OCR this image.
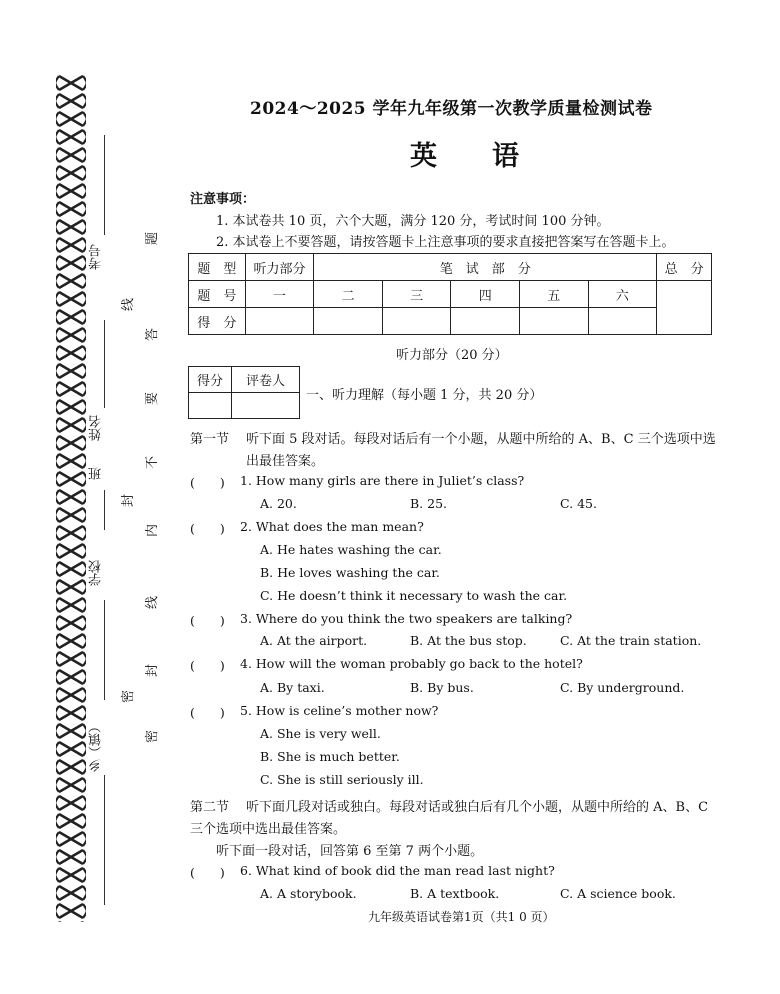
考号
姓名
班
学校
乡（镇）
线
封
密
题
答
要
不
内
线
封
密
2024～2025 学年九年级第一次教学质量检测试卷
英　语
注意事项：
1. 本试卷共 10 页，六个大题，满分 120 分，考试时间 100 分钟。
2. 本试卷上不要答题，请按答题卡上注意事项的要求直接把答案写在答题卡上。
题　型	听力部分	笔　试　部　分					总　分
题　号	一	二	三	四	五	六	
得　分							
听力部分（20 分）
得分	评卷人

一、听力理解（每小题 1 分，共 20 分）
第一节 听下面 5 段对话。每段对话后有一个小题，从题中所给的 A、B、C 三个选项中选
出最佳答案。
(　　) 1. How many girls are there in Juliet’s class?
A. 20.	B. 25.	C. 45.
(　　) 2. What does the man mean?
A. He hates washing the car.
B. He loves washing the car.
C. He doesn’t think it necessary to wash the car.
(　　) 3. Where do you think the two speakers are talking?
A. At the airport.	B. At the bus stop.	C. At the train station.
(　　) 4. How will the woman probably go back to the hotel?
A. By taxi.	B. By bus.	C. By underground.
(　　) 5. How is celine’s mother now?
A. She is very well.
B. She is much better.
C. She is still seriously ill.
第二节 听下面几段对话或独白。每段对话或独白后有几个小题，从题中所给的 A、B、C
三个选项中选出最佳答案。
听下面一段对话，回答第 6 至第 7 两个小题。
(　　) 6. What kind of book did the man read last night?
A. A storybook.	B. A textbook.	C. A science book.
九年级英语试卷第1页（共1 0 页）
